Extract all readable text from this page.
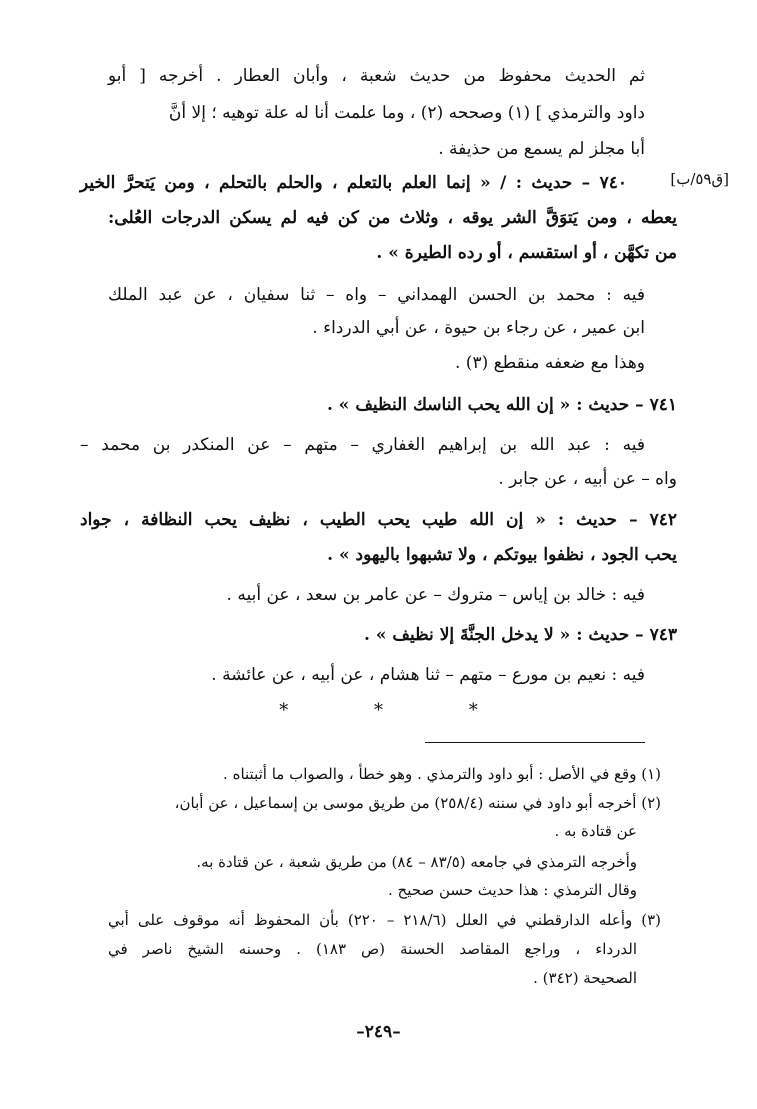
ثم الحديث محفوظ من حديث شعبة ، وأبان العطار . أخرجه [ أبو
داود والترمذي ] (١) وصححه (٢) ، وما علمت أنا له علة توهيه ؛ إلا أنَّ
أبا مجلز لم يسمع من حذيفة .
٧٤٠ – حديث : / « إنما العلم بالتعلم ، والحلم بالتحلم ، ومن يَتحرَّ الخير	[ق٥٩/ب]
يعطه ، ومن يَتوَقَّ الشر يوقه ، وثلاث من كن فيه لم يسكن الدرجات العُلى:
من تكهَّن ، أو استقسم ، أو رده الطيرة » .
فيه : محمد بن الحسن الهمداني – واه – ثنا سفيان ، عن عبد الملك
ابن عمير ، عن رجاء بن حيوة ، عن أبي الدرداء .
وهذا مع ضعفه منقطع (٣) .
٧٤١ – حديث : « إن الله يحب الناسك النظيف » .
فيه : عبد الله بن إبراهيم الغفاري – متهم – عن المنكدر بن محمد –
واه – عن أبيه ، عن جابر .
٧٤٢ – حديث : « إن الله طيب يحب الطيب ، نظيف يحب النظافة ، جواد
يحب الجود ، نظفوا بيوتكم ، ولا تشبهوا باليهود » .
فيه : خالد بن إياس – متروك – عن عامر بن سعد ، عن أبيه .
٧٤٣ – حديث : « لا يدخل الجنَّةَ إلا نظيف » .
فيه : نعيم بن مورع – متهم – ثنا هشام ، عن أبيه ، عن عائشة .
* * *
(١) وقع في الأصل : أبو داود والترمذي . وهو خطأ ، والصواب ما أثبتناه .
(٢) أخرجه أبو داود في سننه (٢٥٨/٤) من طريق موسى بن إسماعيل ، عن أبان،
عن قتادة به .
وأخرجه الترمذي في جامعه (٨٣/٥ – ٨٤) من طريق شعبة ، عن قتادة به.
وقال الترمذي : هذا حديث حسن صحيح .
(٣) وأعله الدارقطني في العلل (٢١٨/٦ – ٢٢٠) بأن المحفوظ أنه موقوف على أبي
الدرداء ، وراجع المقاصد الحسنة (ص ١٨٣) . وحسنه الشيخ ناصر في
الصحيحة (٣٤٢) .
–٢٤٩–
